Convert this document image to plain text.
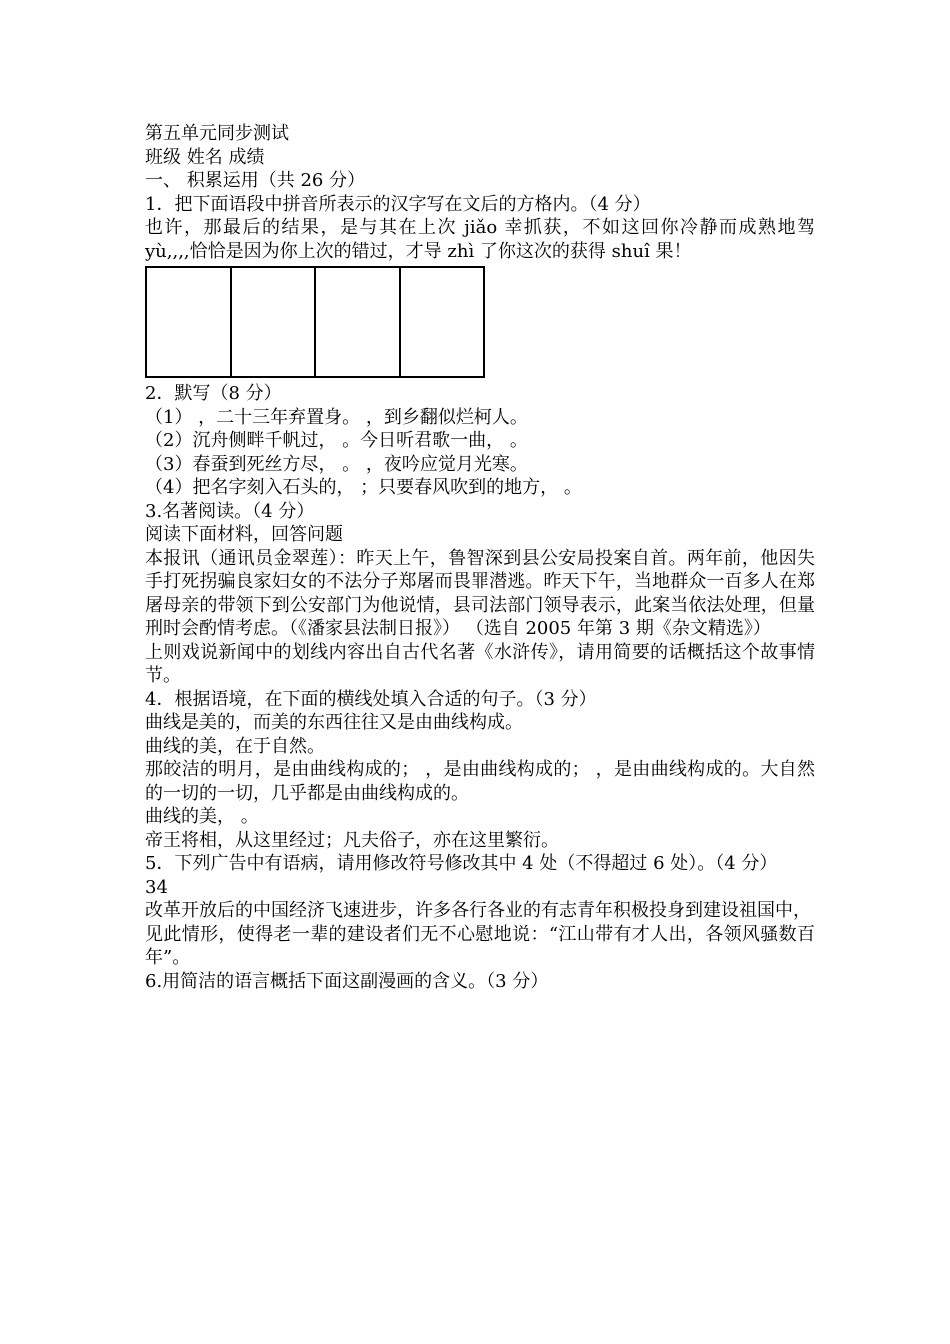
第五单元同步测试
班级 姓名 成绩
一、 积累运用（共 26 分）
1．把下面语段中拼音所表示的汉字写在文后的方格内。（4 分）
也许，那最后的结果，是与其在上次 jiǎo 幸抓获，不如这回你冷静而成熟地驾 yù,,,,恰恰是因为你上次的错过，才导 zhì 了你这次的获得 shuî 果！
2．默写（8 分）
（1） ，二十三年弃置身。 ，到乡翻似烂柯人。
（2）沉舟侧畔千帆过， 。今日听君歌一曲， 。
（3）春蚕到死丝方尽， 。 ，夜吟应觉月光寒。
（4）把名字刻入石头的， ；只要春风吹到的地方， 。
3.名著阅读。（4 分）
阅读下面材料，回答问题
本报讯（通讯员金翠莲）：昨天上午，鲁智深到县公安局投案自首。两年前，他因失手打死拐骗良家妇女的不法分子郑屠而畏罪潜逃。昨天下午，当地群众一百多人在郑屠母亲的带领下到公安部门为他说情，县司法部门领导表示，此案当依法处理，但量刑时会酌情考虑。（《潘家县法制日报》） （选自 2005 年第 3 期《杂文精选》）
上则戏说新闻中的划线内容出自古代名著《水浒传》，请用简要的话概括这个故事情节。
4．根据语境，在下面的横线处填入合适的句子。（3 分）
曲线是美的，而美的东西往往又是由曲线构成。
曲线的美，在于自然。
那皎洁的明月，是由曲线构成的； ，是由曲线构成的； ，是由曲线构成的。大自然的一切的一切，几乎都是由曲线构成的。
曲线的美， 。
帝王将相，从这里经过；凡夫俗子，亦在这里繁衍。
5．下列广告中有语病，请用修改符号修改其中 4 处（不得超过 6 处）。（4 分）
34
改革开放后的中国经济飞速进步，许多各行各业的有志青年积极投身到建设祖国中，
见此情形，使得老一辈的建设者们无不心慰地说：“江山带有才人出，各领风骚数百年”。
6.用简洁的语言概括下面这副漫画的含义。（3 分）
